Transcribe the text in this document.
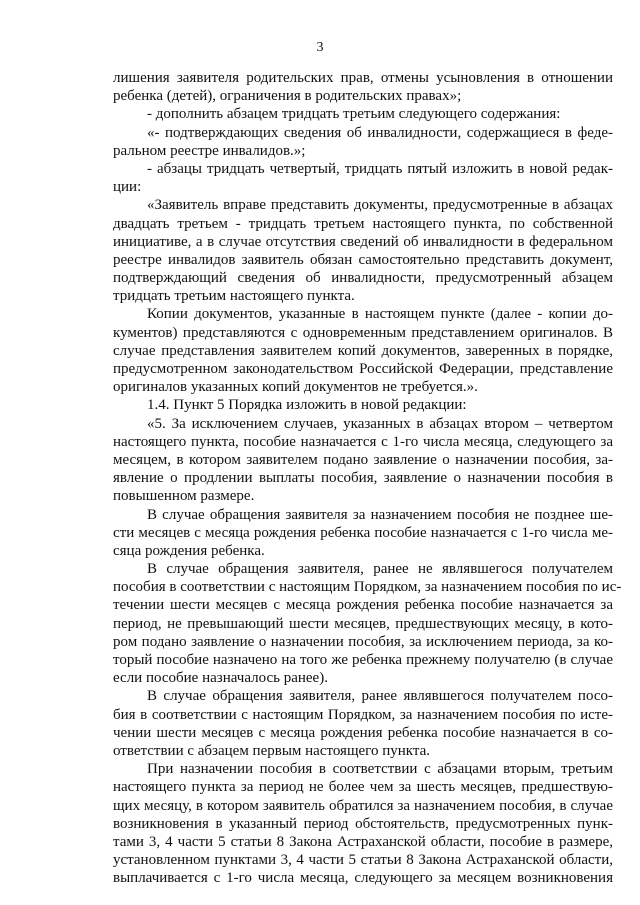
3
лишения заявителя родительских прав, отмены усыновления в отношении
ребенка (детей), ограничения в родительских правах»;
- дополнить абзацем тридцать третьим следующего содержания:
«- подтверждающих сведения об инвалидности, содержащиеся в феде-
ральном реестре инвалидов.»;
- абзацы тридцать четвертый, тридцать пятый изложить в новой редак-
ции:
«Заявитель вправе представить документы, предусмотренные в абзацах
двадцать третьем - тридцать третьем настоящего пункта, по собственной
инициативе, а в случае отсутствия сведений об инвалидности в федеральном
реестре инвалидов заявитель обязан самостоятельно представить документ,
подтверждающий сведения об инвалидности, предусмотренный абзацем
тридцать третьим настоящего пункта.
Копии документов, указанные в настоящем пункте (далее - копии до-
кументов) представляются с одновременным представлением оригиналов. В
случае представления заявителем копий документов, заверенных в порядке,
предусмотренном законодательством Российской Федерации, представление
оригиналов указанных копий документов не требуется.».
1.4. Пункт 5 Порядка изложить в новой редакции:
«5. За исключением случаев, указанных в абзацах втором – четвертом
настоящего пункта, пособие назначается с 1-го числа месяца, следующего за
месяцем, в котором заявителем подано заявление о назначении пособия, за-
явление о продлении выплаты пособия, заявление о назначении пособия в
повышенном размере.
В случае обращения заявителя за назначением пособия не позднее ше-
сти месяцев с месяца рождения ребенка пособие назначается с 1-го числа ме-
сяца рождения ребенка.
В случае обращения заявителя, ранее не являвшегося получателем
пособия в соответствии с настоящим Порядком, за назначением пособия по ис-
течении шести месяцев с месяца рождения ребенка пособие назначается за
период, не превышающий шести месяцев, предшествующих месяцу, в кото-
ром подано заявление о назначении пособия, за исключением периода, за ко-
торый пособие назначено на того же ребенка прежнему получателю (в случае
если пособие назначалось ранее).
В случае обращения заявителя, ранее являвшегося получателем посо-
бия в соответствии с настоящим Порядком, за назначением пособия по исте-
чении шести месяцев с месяца рождения ребенка пособие назначается в со-
ответствии с абзацем первым настоящего пункта.
При назначении пособия в соответствии с абзацами вторым, третьим
настоящего пункта за период не более чем за шесть месяцев, предшествую-
щих месяцу, в котором заявитель обратился за назначением пособия, в случае
возникновения в указанный период обстоятельств, предусмотренных пунк-
тами 3, 4 части 5 статьи 8 Закона Астраханской области, пособие в размере,
установленном пунктами 3, 4 части 5 статьи 8 Закона Астраханской области,
выплачивается с 1-го числа месяца, следующего за месяцем возникновения
